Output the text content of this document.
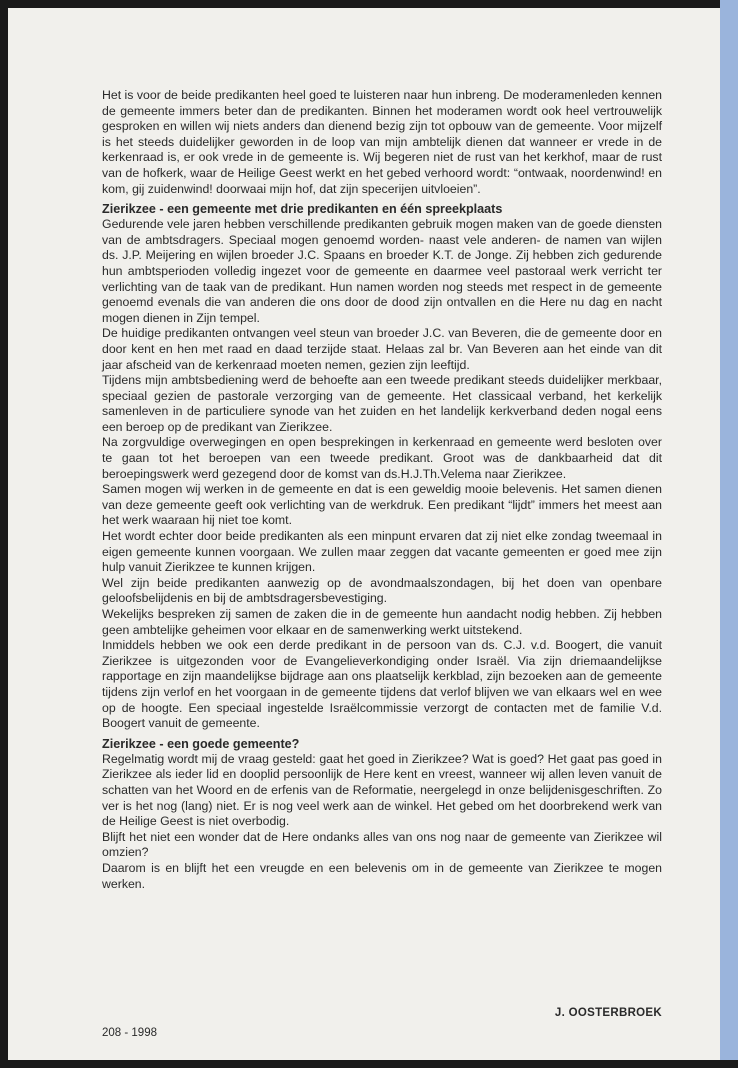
Het is voor de beide predikanten heel goed te luisteren naar hun inbreng. De moderamenleden kennen de gemeente immers beter dan de predikanten. Binnen het moderamen wordt ook heel vertrouwelijk gesproken en willen wij niets anders dan dienend bezig zijn tot opbouw van de gemeente. Voor mijzelf is het steeds duidelijker geworden in de loop van mijn ambtelijk dienen dat wanneer er vrede in de kerkenraad is, er ook vrede in de gemeente is. Wij begeren niet de rust van het kerkhof, maar de rust van de hofkerk, waar de Heilige Geest werkt en het gebed verhoord wordt: “ontwaak, noordenwind! en kom, gij zuidenwind! doorwaai mijn hof, dat zijn specerijen uitvloeien”.

Zierikzee - een gemeente met drie predikanten en één spreekplaats

Gedurende vele jaren hebben verschillende predikanten gebruik mogen maken van de goede diensten van de ambtsdragers. Speciaal mogen genoemd worden- naast vele anderen- de namen van wijlen ds. J.P. Meijering en wijlen broeder J.C. Spaans en broeder K.T. de Jonge. Zij hebben zich gedurende hun ambtsperioden volledig ingezet voor de gemeente en daarmee veel pastoraal werk verricht ter verlichting van de taak van de predikant. Hun namen worden nog steeds met respect in de gemeente genoemd evenals die van anderen die ons door de dood zijn ontvallen en die Here nu dag en nacht mogen dienen in Zijn tempel.

De huidige predikanten ontvangen veel steun van broeder J.C. van Beveren, die de gemeente door en door kent en hen met raad en daad terzijde staat. Helaas zal br. Van Beveren aan het einde van dit jaar afscheid van de kerkenraad moeten nemen, gezien zijn leeftijd.

Tijdens mijn ambtsbediening werd de behoefte aan een tweede predikant steeds duidelijker merkbaar, speciaal gezien de pastorale verzorging van de gemeente. Het classicaal verband, het kerkelijk samenleven in de particuliere synode van het zuiden en het landelijk kerkverband deden nogal eens een beroep op de predikant van Zierikzee.

Na zorgvuldige overwegingen en open besprekingen in kerkenraad en gemeente werd besloten over te gaan tot het beroepen van een tweede predikant. Groot was de dankbaarheid dat dit beroepingswerk werd gezegend door de komst van ds.H.J.Th.Velema naar Zierikzee.

Samen mogen wij werken in de gemeente en dat is een geweldig mooie belevenis. Het samen dienen van deze gemeente geeft ook verlichting van de werkdruk. Een predikant “lijdt” immers het meest aan het werk waaraan hij niet toe komt.

Het wordt echter door beide predikanten als een minpunt ervaren dat zij niet elke zondag tweemaal in eigen gemeente kunnen voorgaan. We zullen maar zeggen dat vacante gemeenten er goed mee zijn hulp vanuit Zierikzee te kunnen krijgen.

Wel zijn beide predikanten aanwezig op de avondmaalszondagen, bij het doen van openbare geloofsbelijdenis en bij de ambtsdragersbevestiging.

Wekelijks bespreken zij samen de zaken die in de gemeente hun aandacht nodig hebben. Zij hebben geen ambtelijke geheimen voor elkaar en de samenwerking werkt uitstekend.

Inmiddels hebben we ook een derde predikant in de persoon van ds. C.J. v.d. Boogert, die vanuit Zierikzee is uitgezonden voor de Evangelieverkondiging onder Israël. Via zijn driemaandelijkse rapportage en zijn maandelijkse bijdrage aan ons plaatselijk kerkblad, zijn bezoeken aan de gemeente tijdens zijn verlof en het voorgaan in de gemeente tijdens dat verlof blijven we van elkaars wel en wee op de hoogte. Een speciaal ingestelde Israëlcommissie verzorgt de contacten met de familie V.d. Boogert vanuit de gemeente.

Zierikzee - een goede gemeente?

Regelmatig wordt mij de vraag gesteld: gaat het goed in Zierikzee? Wat is goed? Het gaat pas goed in Zierikzee als ieder lid en dooplid persoonlijk de Here kent en vreest, wanneer wij allen leven vanuit de schatten van het Woord en de erfenis van de Reformatie, neergelegd in onze belijdenisgeschriften. Zo ver is het nog (lang) niet. Er is nog veel werk aan de winkel. Het gebed om het doorbrekend werk van de Heilige Geest is niet overbodig.

Blijft het niet een wonder dat de Here ondanks alles van ons nog naar de gemeente van Zierikzee wil omzien?

Daarom is en blijft het een vreugde en een belevenis om in de gemeente van Zierikzee te mogen werken.

J. OOSTERBROEK
208 - 1998
